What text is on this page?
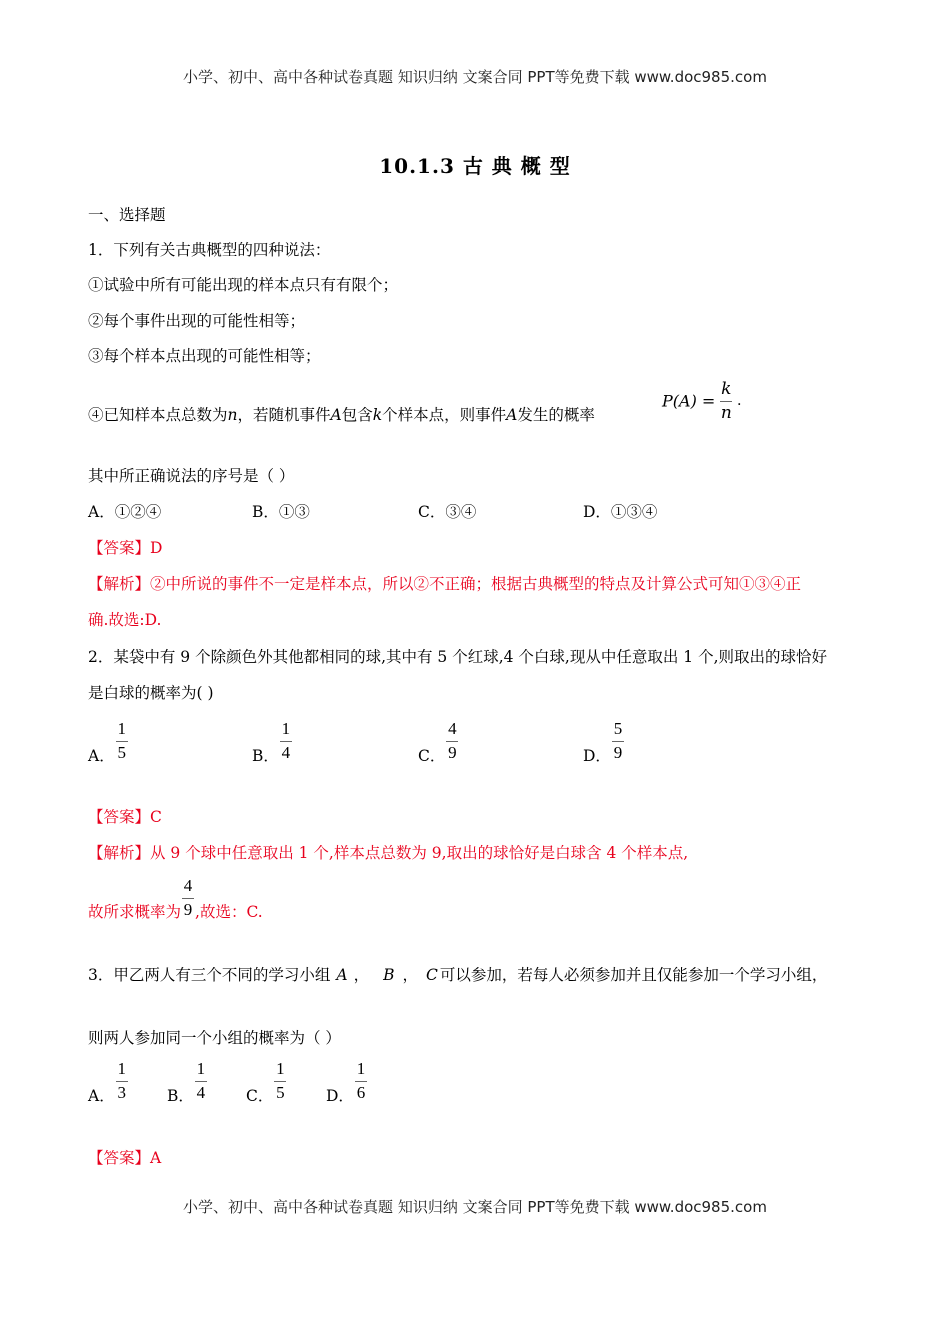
小学、初中、高中各种试卷真题 知识归纳 文案合同 PPT等免费下载 www.doc985.com
10.1.3 古 典 概 型
一、选择题
1．下列有关古典概型的四种说法：
①试验中所有可能出现的样本点只有有限个；
②每个事件出现的可能性相等；
③每个样本点出现的可能性相等；
④已知样本点总数为n，若随机事件A包含k个样本点，则事件A发生的概率
$P(A) = \frac{k}{n}$ .
其中所正确说法的序号是（ ）
A．①②④	B．①③	C．③④	D．①③④
【答案】D
【解析】②中所说的事件不一定是样本点，所以②不正确；根据古典概型的特点及计算公式可知①③④正
确.故选:D.
2．某袋中有 9 个除颜色外其他都相同的球,其中有 5 个红球,4 个白球,现从中任意取出 1 个,则取出的球恰好
是白球的概率为( )
A． $\frac{1}{5}$	B． $\frac{1}{4}$	C． $\frac{4}{9}$	D． $\frac{5}{9}$
【答案】C
【解析】从 9 个球中任意取出 1 个,样本点总数为 9,取出的球恰好是白球含 4 个样本点,
故所求概率为 $\frac{4}{9}$ ,故选：C.
3．甲乙两人有三个不同的学习小组 A ， B ， C 可以参加，若每人必须参加并且仅能参加一个学习小组，
则两人参加同一个小组的概率为（ ）
A． $\frac{1}{3}$ B． $\frac{1}{4}$ C． $\frac{1}{5}$ D． $\frac{1}{6}$
【答案】A
小学、初中、高中各种试卷真题 知识归纳 文案合同 PPT等免费下载 www.doc985.com
